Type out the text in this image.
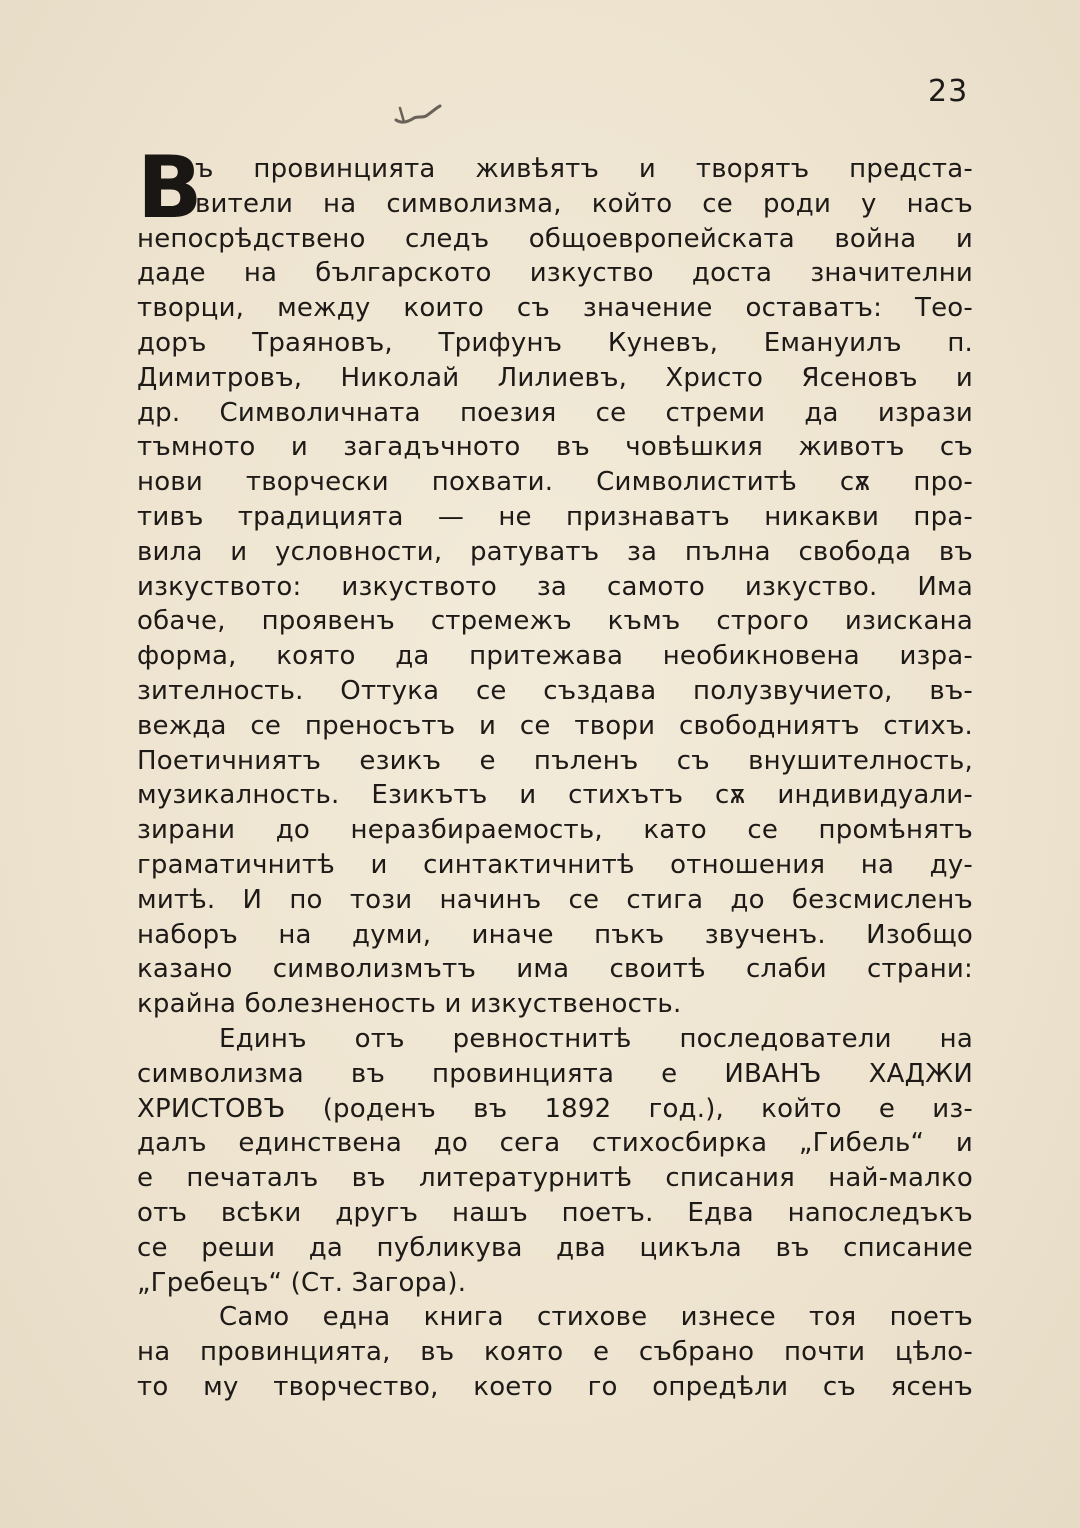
23
В
ъ провинцията живѣятъ и творятъ предста-
вители на символизма, който се роди у насъ
непосрѣдствено следъ общоевропейската война и
даде на българското изкуство доста значителни
творци, между които съ значение оставатъ: Тео-
доръ Траяновъ, Трифунъ Куневъ, Емануилъ п.
Димитровъ, Николай Лилиевъ, Христо Ясеновъ и
др. Символичната поезия се стреми да изрази
тъмното и загадъчното въ човѣшкия животъ съ
нови творчески похвати. Символиститѣ сѫ про-
тивъ традицията — не признаватъ никакви пра-
вила и условности, ратуватъ за пълна свобода въ
изкуството: изкуството за самото изкуство. Има
обаче, проявенъ стремежъ къмъ строго изискана
форма, която да притежава необикновена изра-
зителность. Оттука се създава полузвучието, въ-
вежда се преносътъ и се твори свободниятъ стихъ.
Поетичниятъ езикъ е пъленъ съ внушителность,
музикалность. Езикътъ и стихътъ сѫ индивидуали-
зирани до неразбираемость, като се промѣнятъ
граматичнитѣ и синтактичнитѣ отношения на ду-
митѣ. И по този начинъ се стига до безсмисленъ
наборъ на думи, иначе пъкъ звученъ. Изобщо
казано символизмътъ има своитѣ слаби страни:
крайна болезненость и изкуственость.
Единъ отъ ревностнитѣ последователи на
символизма въ провинцията е ИВАНЪ ХАДЖИ
ХРИСТОВЪ (роденъ въ 1892 год.), който е из-
далъ единствена до сега стихосбирка „Гибель“ и
е печаталъ въ литературнитѣ списания най-малко
отъ всѣки другъ нашъ поетъ. Едва напоследъкъ
се реши да публикува два цикъла въ списание
„Гребецъ“ (Ст. Загора).
Само една книга стихове изнесе тоя поетъ
на провинцията, въ която е събрано почти цѣло-
то му творчество, което го опредѣли съ ясенъ
